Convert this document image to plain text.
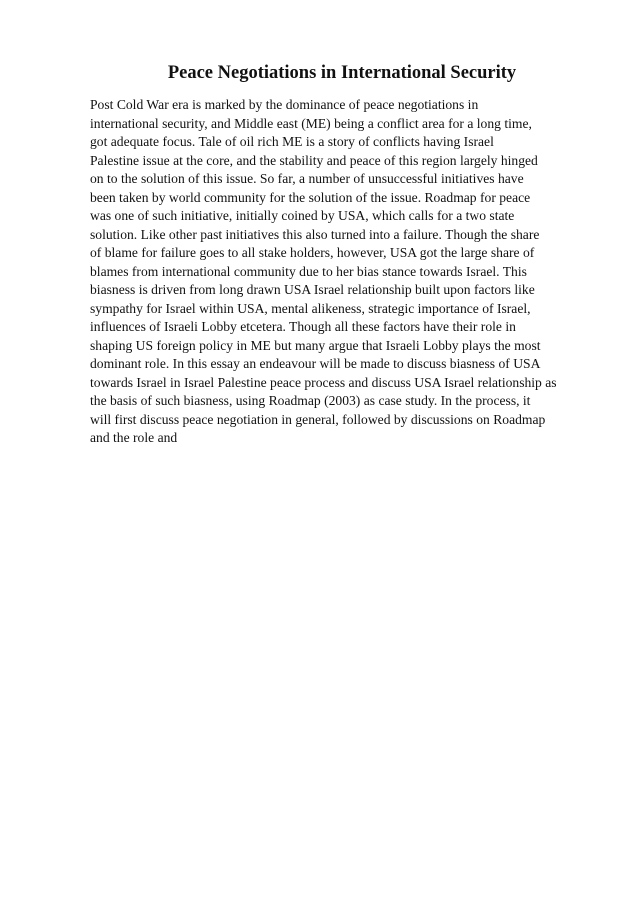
Peace Negotiations in International Security
Post Cold War era is marked by the dominance of peace negotiations in
international security, and Middle east (ME) being a conflict area for a long time,
got adequate focus. Tale of oil rich ME is a story of conflicts having Israel
Palestine issue at the core, and the stability and peace of this region largely hinged
on to the solution of this issue. So far, a number of unsuccessful initiatives have
been taken by world community for the solution of the issue. Roadmap for peace
was one of such initiative, initially coined by USA, which calls for a two state
solution. Like other past initiatives this also turned into a failure. Though the share
of blame for failure goes to all stake holders, however, USA got the large share of
blames from international community due to her bias stance towards Israel. This
biasness is driven from long drawn USA Israel relationship built upon factors like
sympathy for Israel within USA, mental alikeness, strategic importance of Israel,
influences of Israeli Lobby etcetera. Though all these factors have their role in
shaping US foreign policy in ME but many argue that Israeli Lobby plays the most
dominant role. In this essay an endeavour will be made to discuss biasness of USA
towards Israel in Israel Palestine peace process and discuss USA Israel relationship as
the basis of such biasness, using Roadmap (2003) as case study. In the process, it
will first discuss peace negotiation in general, followed by discussions on Roadmap
and the role and
